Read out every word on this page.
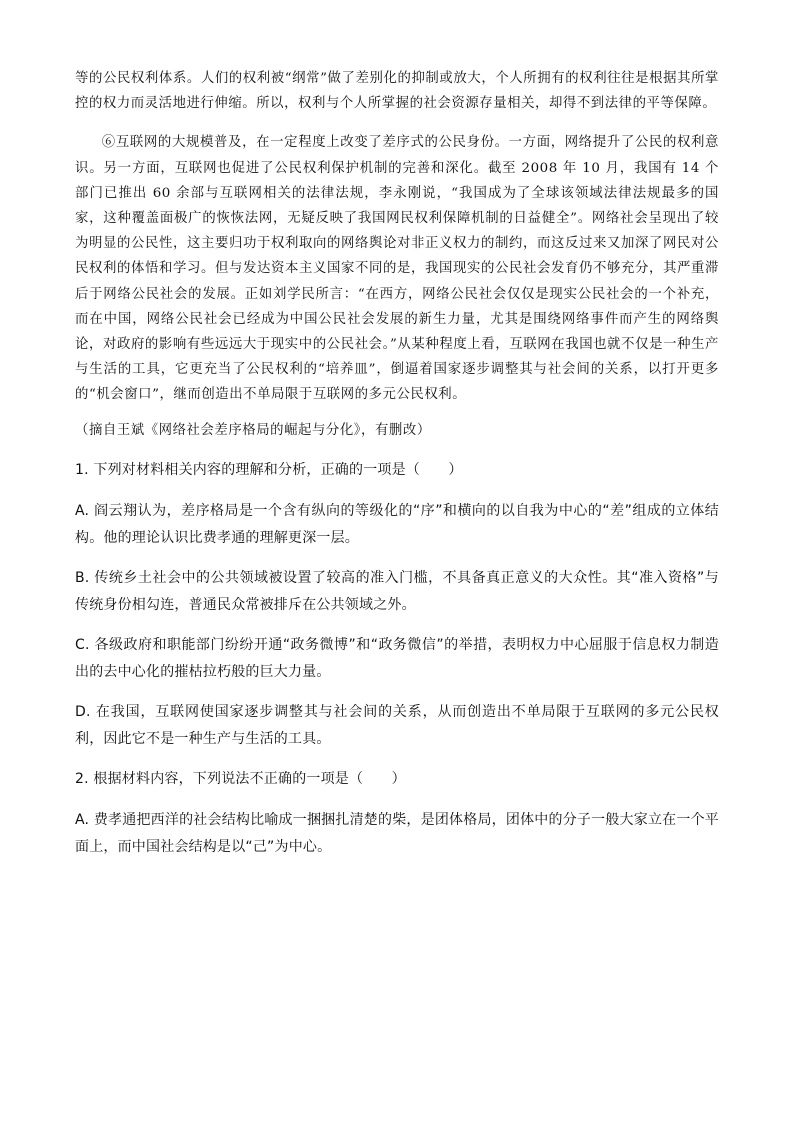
等的公民权利体系。人们的权利被“纲常”做了差别化的抑制或放大，个人所拥有的权利往往是根据其所掌控的权力而灵活地进行伸缩。所以，权利与个人所掌握的社会资源存量相关，却得不到法律的平等保障。

⑥互联网的大规模普及，在一定程度上改变了差序式的公民身份。一方面，网络提升了公民的权利意识。另一方面，互联网也促进了公民权利保护机制的完善和深化。截至 2008 年 10 月，我国有 14 个部门已推出 60 余部与互联网相关的法律法规，李永刚说，“我国成为了全球该领域法律法规最多的国家，这种覆盖面极广的恢恢法网，无疑反映了我国网民权利保障机制的日益健全”。网络社会呈现出了较为明显的公民性，这主要归功于权利取向的网络舆论对非正义权力的制约，而这反过来又加深了网民对公民权利的体悟和学习。但与发达资本主义国家不同的是，我国现实的公民社会发育仍不够充分，其严重滞后于网络公民社会的发展。正如刘学民所言：“在西方，网络公民社会仅仅是现实公民社会的一个补充，而在中国，网络公民社会已经成为中国公民社会发展的新生力量，尤其是围绕网络事件而产生的网络舆论，对政府的影响有些远远大于现实中的公民社会。”从某种程度上看，互联网在我国也就不仅是一种生产与生活的工具，它更充当了公民权利的“培养皿”，倒逼着国家逐步调整其与社会间的关系，以打开更多的“机会窗口”，继而创造出不单局限于互联网的多元公民权利。

（摘自王斌《网络社会差序格局的崛起与分化》，有删改）

1. 下列对材料相关内容的理解和分析，正确的一项是（　　）

A. 阎云翔认为，差序格局是一个含有纵向的等级化的“序”和横向的以自我为中心的“差”组成的立体结构。他的理论认识比费孝通的理解更深一层。

B. 传统乡土社会中的公共领域被设置了较高的准入门槛，不具备真正意义的大众性。其“准入资格”与传统身份相勾连，普通民众常被排斥在公共领域之外。

C. 各级政府和职能部门纷纷开通“政务微博”和“政务微信”的举措，表明权力中心屈服于信息权力制造出的去中心化的摧枯拉朽般的巨大力量。

D. 在我国，互联网使国家逐步调整其与社会间的关系，从而创造出不单局限于互联网的多元公民权利，因此它不是一种生产与生活的工具。

2. 根据材料内容，下列说法不正确的一项是（　　）

A. 费孝通把西洋的社会结构比喻成一捆捆扎清楚的柴，是团体格局，团体中的分子一般大家立在一个平面上，而中国社会结构是以“己”为中心。
